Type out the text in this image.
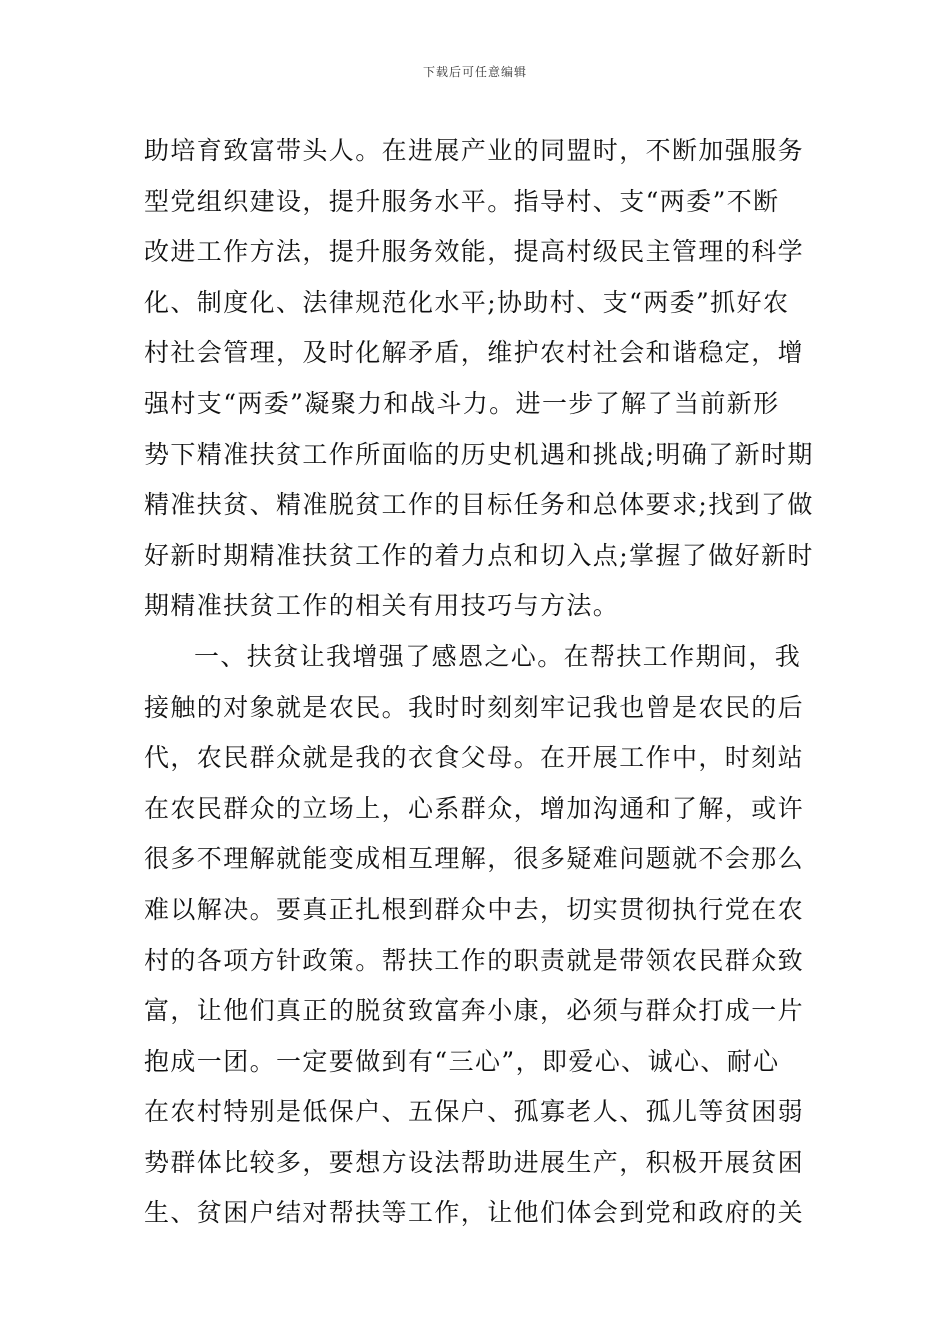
下载后可任意编辑
助培育致富带头人。在进展产业的同盟时，不断加强服务
型党组织建设，提升服务水平。指导村、支“两委”不断
改进工作方法，提升服务效能，提高村级民主管理的科学
化、制度化、法律规范化水平;协助村、支“两委”抓好农
村社会管理，及时化解矛盾，维护农村社会和谐稳定，增
强村支“两委”凝聚力和战斗力。进一步了解了当前新形
势下精准扶贫工作所面临的历史机遇和挑战;明确了新时期
精准扶贫、精准脱贫工作的目标任务和总体要求;找到了做
好新时期精准扶贫工作的着力点和切入点;掌握了做好新时
期精准扶贫工作的相关有用技巧与方法。
一、扶贫让我增强了感恩之心。在帮扶工作期间，我
接触的对象就是农民。我时时刻刻牢记我也曾是农民的后
代，农民群众就是我的衣食父母。在开展工作中，时刻站
在农民群众的立场上，心系群众，增加沟通和了解，或许
很多不理解就能变成相互理解，很多疑难问题就不会那么
难以解决。要真正扎根到群众中去，切实贯彻执行党在农
村的各项方针政策。帮扶工作的职责就是带领农民群众致
富，让他们真正的脱贫致富奔小康，必须与群众打成一片
抱成一团。一定要做到有“三心”，即爱心、诚心、耐心
在农村特别是低保户、五保户、孤寡老人、孤儿等贫困弱
势群体比较多，要想方设法帮助进展生产，积极开展贫困
生、贫困户结对帮扶等工作，让他们体会到党和政府的关
